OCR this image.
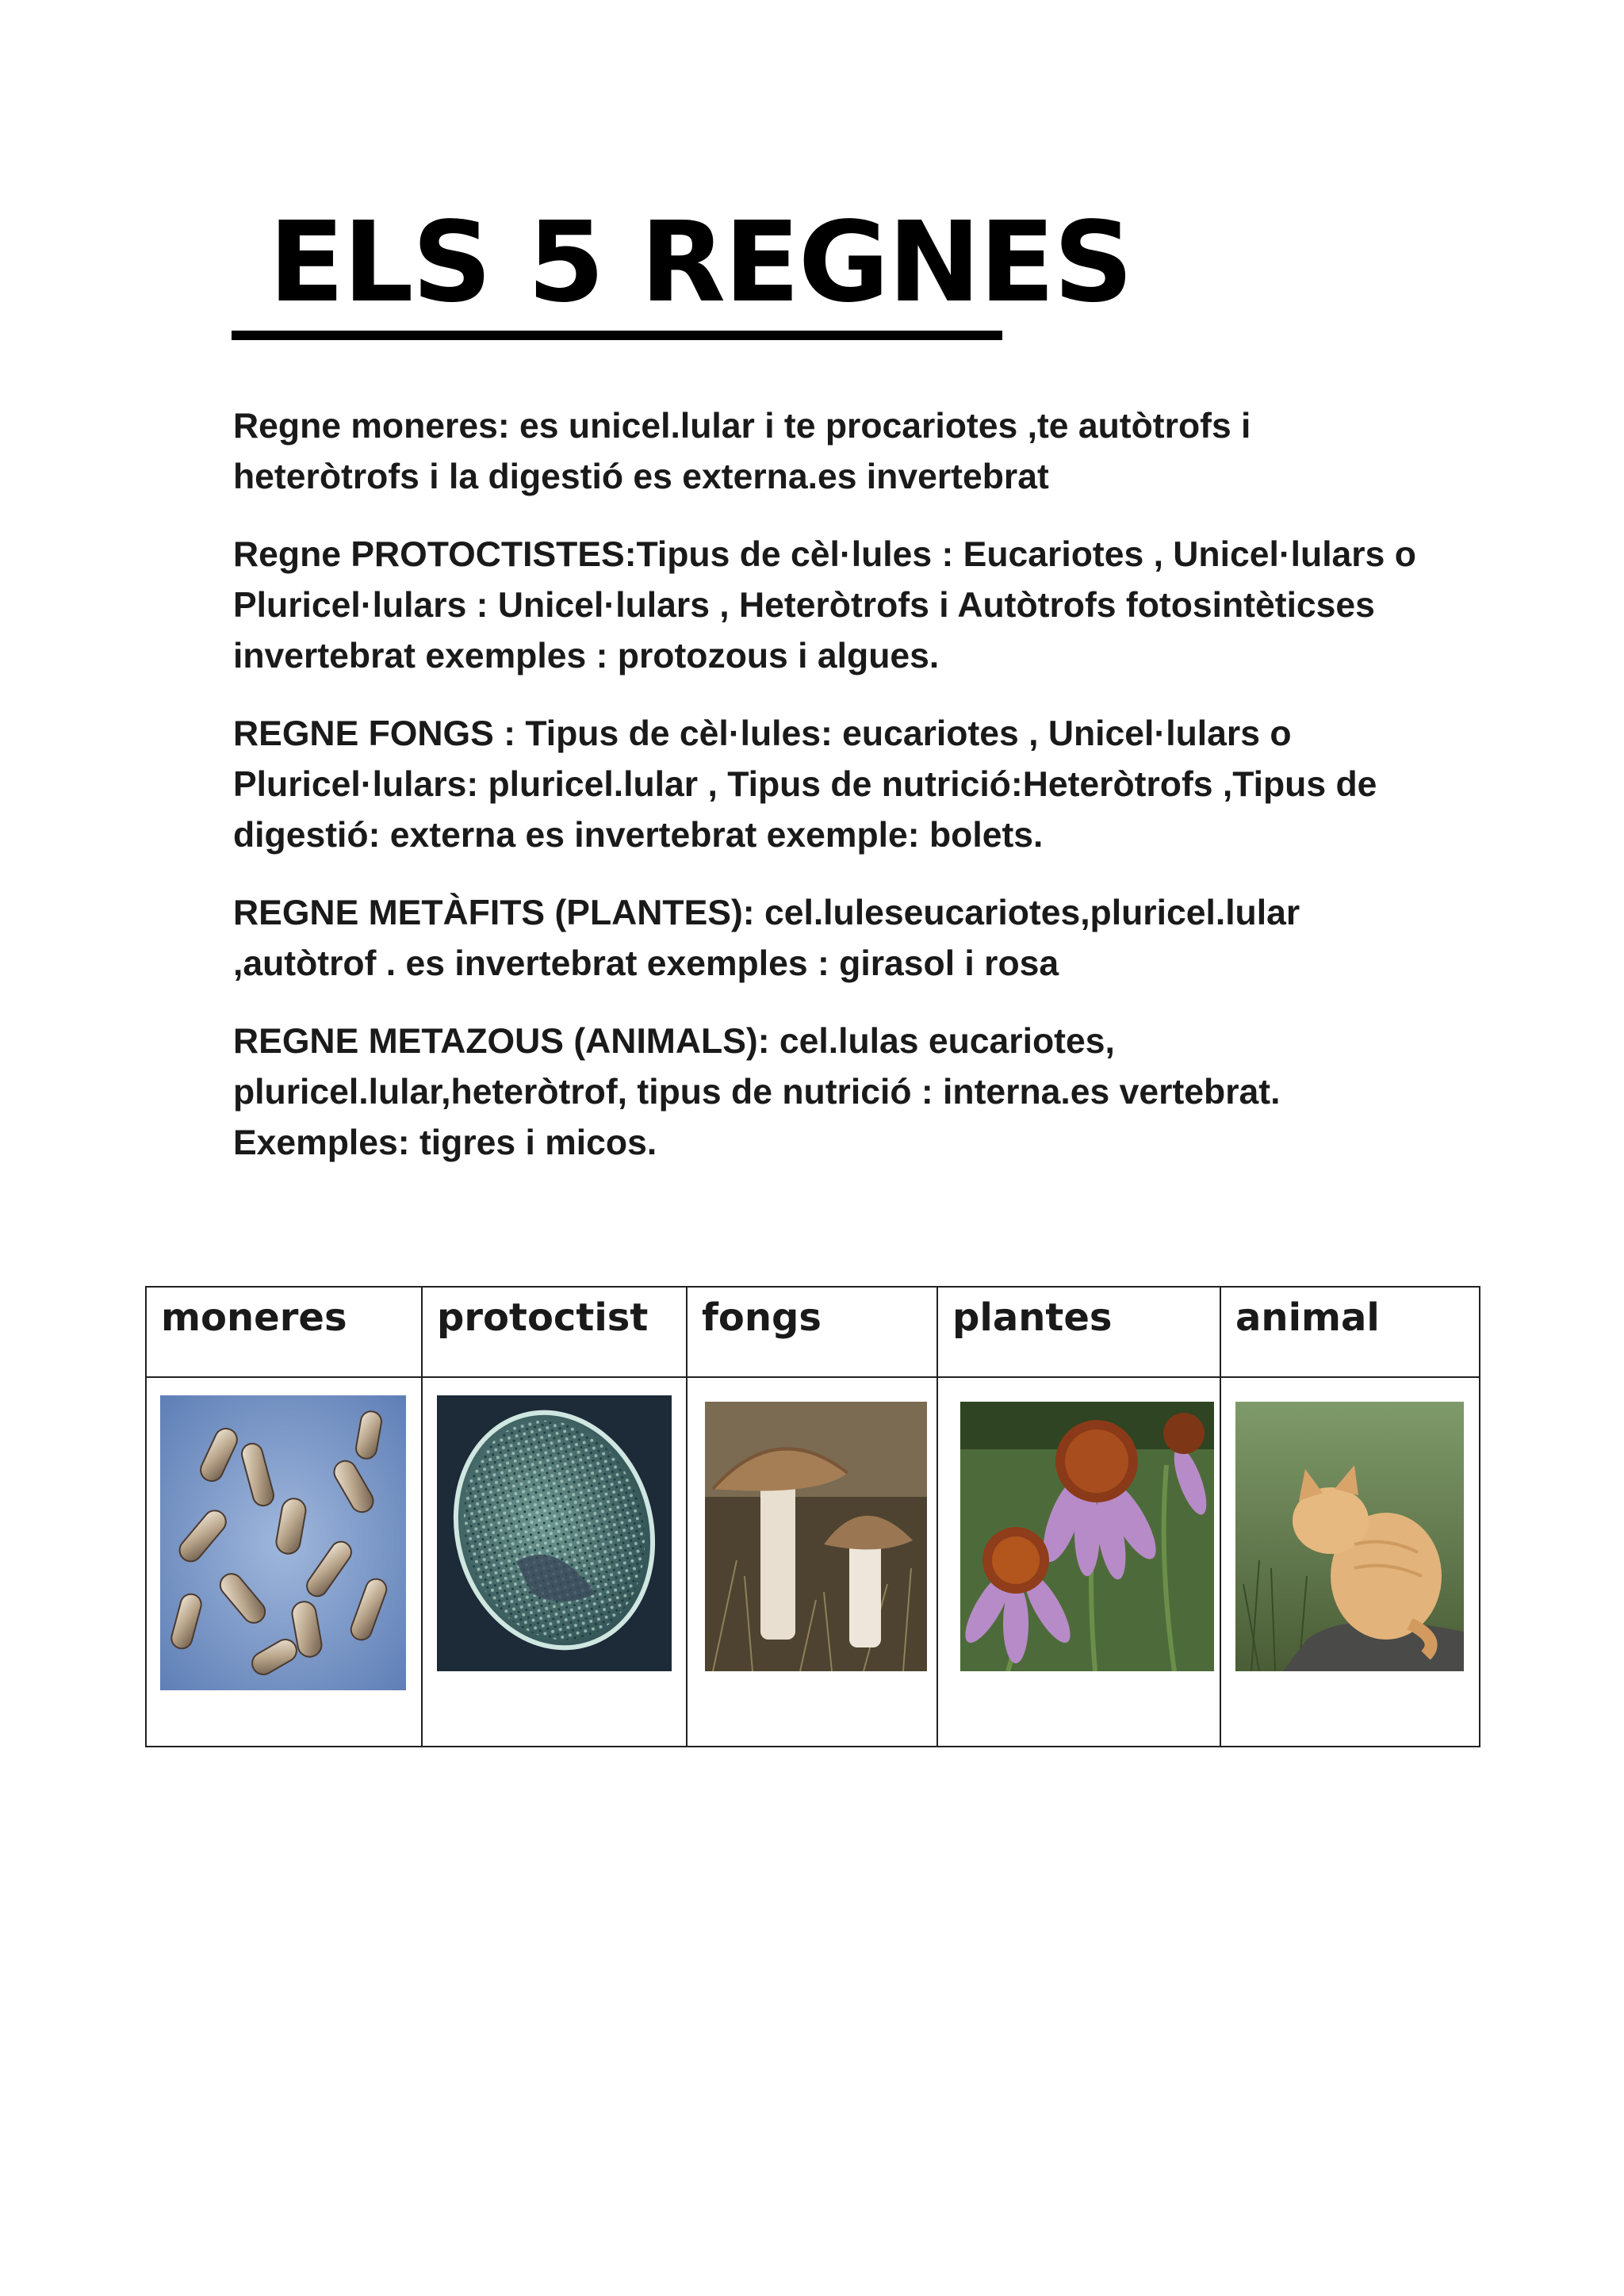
ELS 5 REGNES

Regne moneres: es unicel.lular i te procariotes ,te autòtrofs i heteròtrofs i la digestió es externa.es invertebrat

Regne PROTOCTISTES:Tipus de cèl·lules : Eucariotes , Unicel·lulars o Pluricel·lulars : Unicel·lulars , Heteròtrofs i Autòtrofs fotosintèticses invertebrat exemples : protozous i algues.

REGNE FONGS : Tipus de cèl·lules: eucariotes , Unicel·lulars o Pluricel·lulars: pluricel.lular , Tipus de nutrició:Heteròtrofs ,Tipus de digestió: externa es invertebrat exemple: bolets.

REGNE METÀFITS (PLANTES): cel.luleseucariotes,pluricel.lular ,autòtrof . es invertebrat exemples : girasol i rosa

REGNE METAZOUS (ANIMALS): cel.lulas eucariotes, pluricel.lular,heteròtrof, tipus de nutrició : interna.es vertebrat. Exemples: tigres i micos.

moneres	protoctist	fongs	plantes	animal
